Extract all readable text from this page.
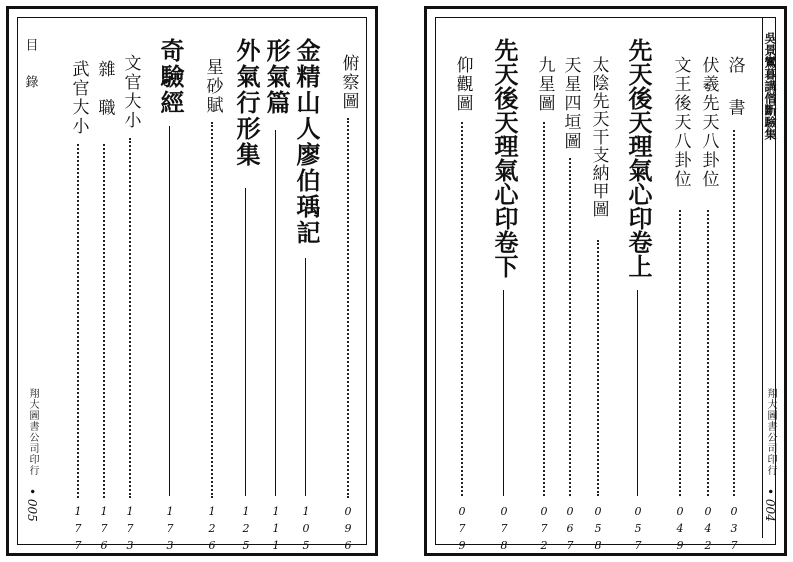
目 錄
翔大圖書公司印行
• 005
俯察圖
0
9
6
金精山人廖伯瑀記
1
0
5
形氣篇
1
1
1
外氣行形集
1
2
5
星砂賦
1
2
6
奇驗經
1
7
3
文官大小
1
7
3
雜 職
1
7
6
武官大小
1
7
7
吳景鸞暮講僧斷驗集
翔大圖書公司印行
• 004
洛 書
0
3
7
伏羲先天八卦位
0
4
2
文王後天八卦位
0
4
9
先天後天理氣心印卷上
0
5
7
太陰先天干支納甲圖
0
5
8
天星四垣圖
0
6
7
九星圖
0
7
2
先天後天理氣心印卷下
0
7
8
仰觀圖
0
7
9
